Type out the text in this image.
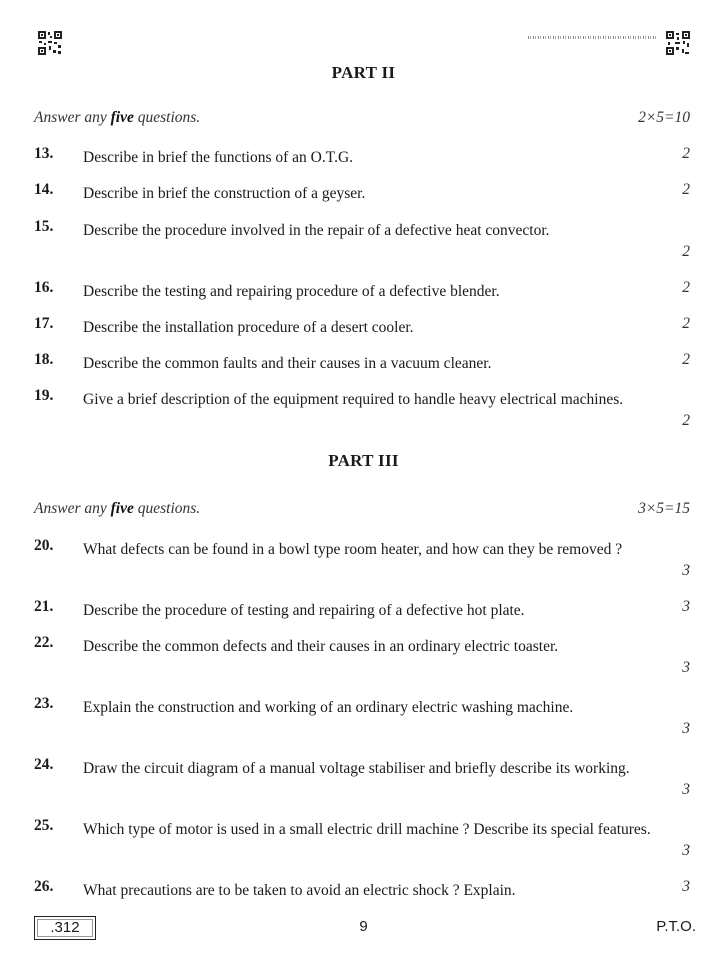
PART II
Answer any five questions.	2×5=10
13. Describe in brief the functions of an O.T.G.	2
14. Describe in brief the construction of a geyser.	2
15. Describe the procedure involved in the repair of a defective heat convector.
2
16. Describe the testing and repairing procedure of a defective blender.	2
17. Describe the installation procedure of a desert cooler.	2
18. Describe the common faults and their causes in a vacuum cleaner.	2
19. Give a brief description of the equipment required to handle heavy electrical machines.
2
PART III
Answer any five questions.	3×5=15
20. What defects can be found in a bowl type room heater, and how can they be removed ?
3
21. Describe the procedure of testing and repairing of a defective hot plate.	3
22. Describe the common defects and their causes in an ordinary electric toaster.
3
23. Explain the construction and working of an ordinary electric washing machine.
3
24. Draw the circuit diagram of a manual voltage stabiliser and briefly describe its working.
3
25. Which type of motor is used in a small electric drill machine ? Describe its special features.
3
26. What precautions are to be taken to avoid an electric shock ? Explain.	3
.312	9	P.T.O.
